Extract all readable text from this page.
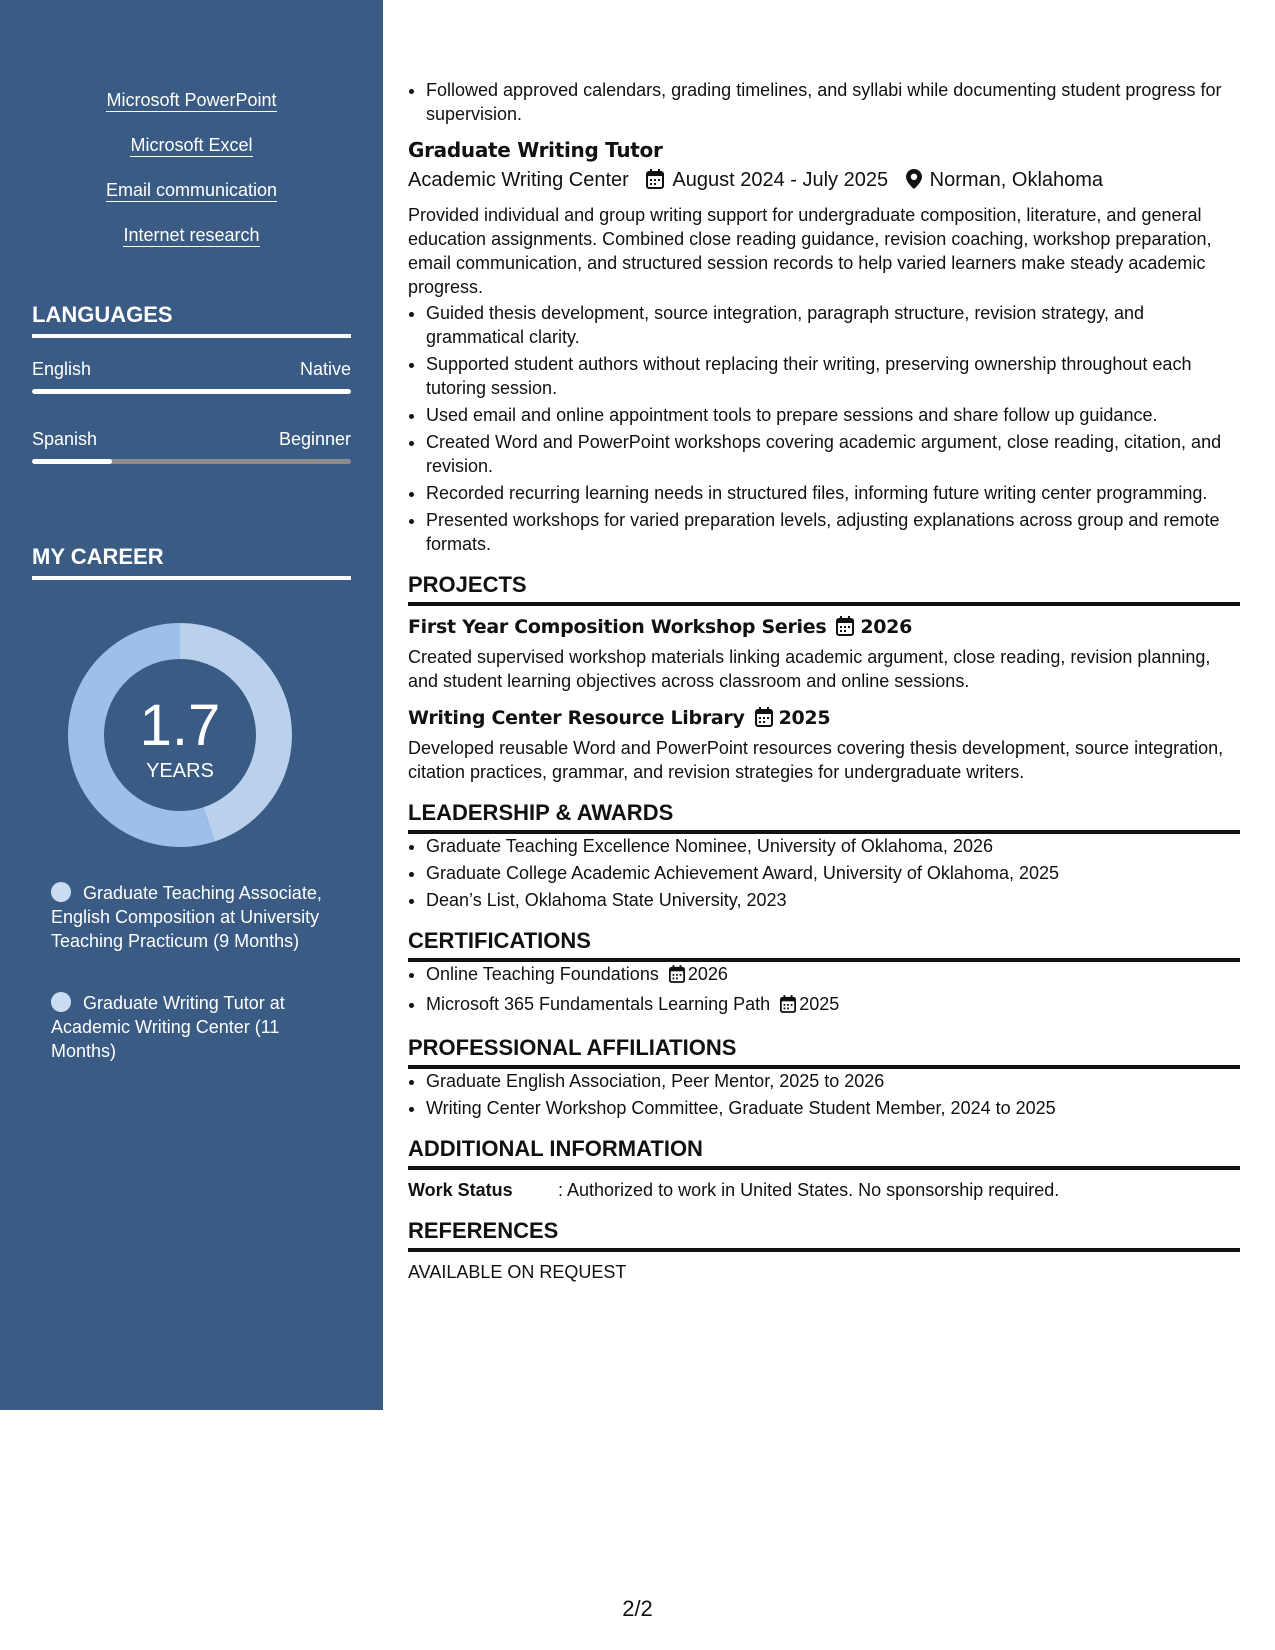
Microsoft PowerPoint
Microsoft Excel
Email communication
Internet research
LANGUAGES
English	Native
Spanish	Beginner
MY CAREER
1.7
YEARS
Graduate Teaching Associate, English Composition at University Teaching Practicum (9 Months)
Graduate Writing Tutor at Academic Writing Center (11 Months)
• Followed approved calendars, grading timelines, and syllabi while documenting student progress for supervision.
Graduate Writing Tutor
Academic Writing Center August 2024 - July 2025 Norman, Oklahoma
Provided individual and group writing support for undergraduate composition, literature, and general education assignments. Combined close reading guidance, revision coaching, workshop preparation, email communication, and structured session records to help varied learners make steady academic progress.
• Guided thesis development, source integration, paragraph structure, revision strategy, and grammatical clarity.
• Supported student authors without replacing their writing, preserving ownership throughout each tutoring session.
• Used email and online appointment tools to prepare sessions and share follow up guidance.
• Created Word and PowerPoint workshops covering academic argument, close reading, citation, and revision.
• Recorded recurring learning needs in structured files, informing future writing center programming.
• Presented workshops for varied preparation levels, adjusting explanations across group and remote formats.
PROJECTS
First Year Composition Workshop Series 2026
Created supervised workshop materials linking academic argument, close reading, revision planning, and student learning objectives across classroom and online sessions.
Writing Center Resource Library 2025
Developed reusable Word and PowerPoint resources covering thesis development, source integration, citation practices, grammar, and revision strategies for undergraduate writers.
LEADERSHIP & AWARDS
• Graduate Teaching Excellence Nominee, University of Oklahoma, 2026
• Graduate College Academic Achievement Award, University of Oklahoma, 2025
• Dean’s List, Oklahoma State University, 2023
CERTIFICATIONS
• Online Teaching Foundations 2026
• Microsoft 365 Fundamentals Learning Path 2025
PROFESSIONAL AFFILIATIONS
• Graduate English Association, Peer Mentor, 2025 to 2026
• Writing Center Workshop Committee, Graduate Student Member, 2024 to 2025
ADDITIONAL INFORMATION
Work Status	: Authorized to work in United States. No sponsorship required.
REFERENCES
AVAILABLE ON REQUEST
2/2
